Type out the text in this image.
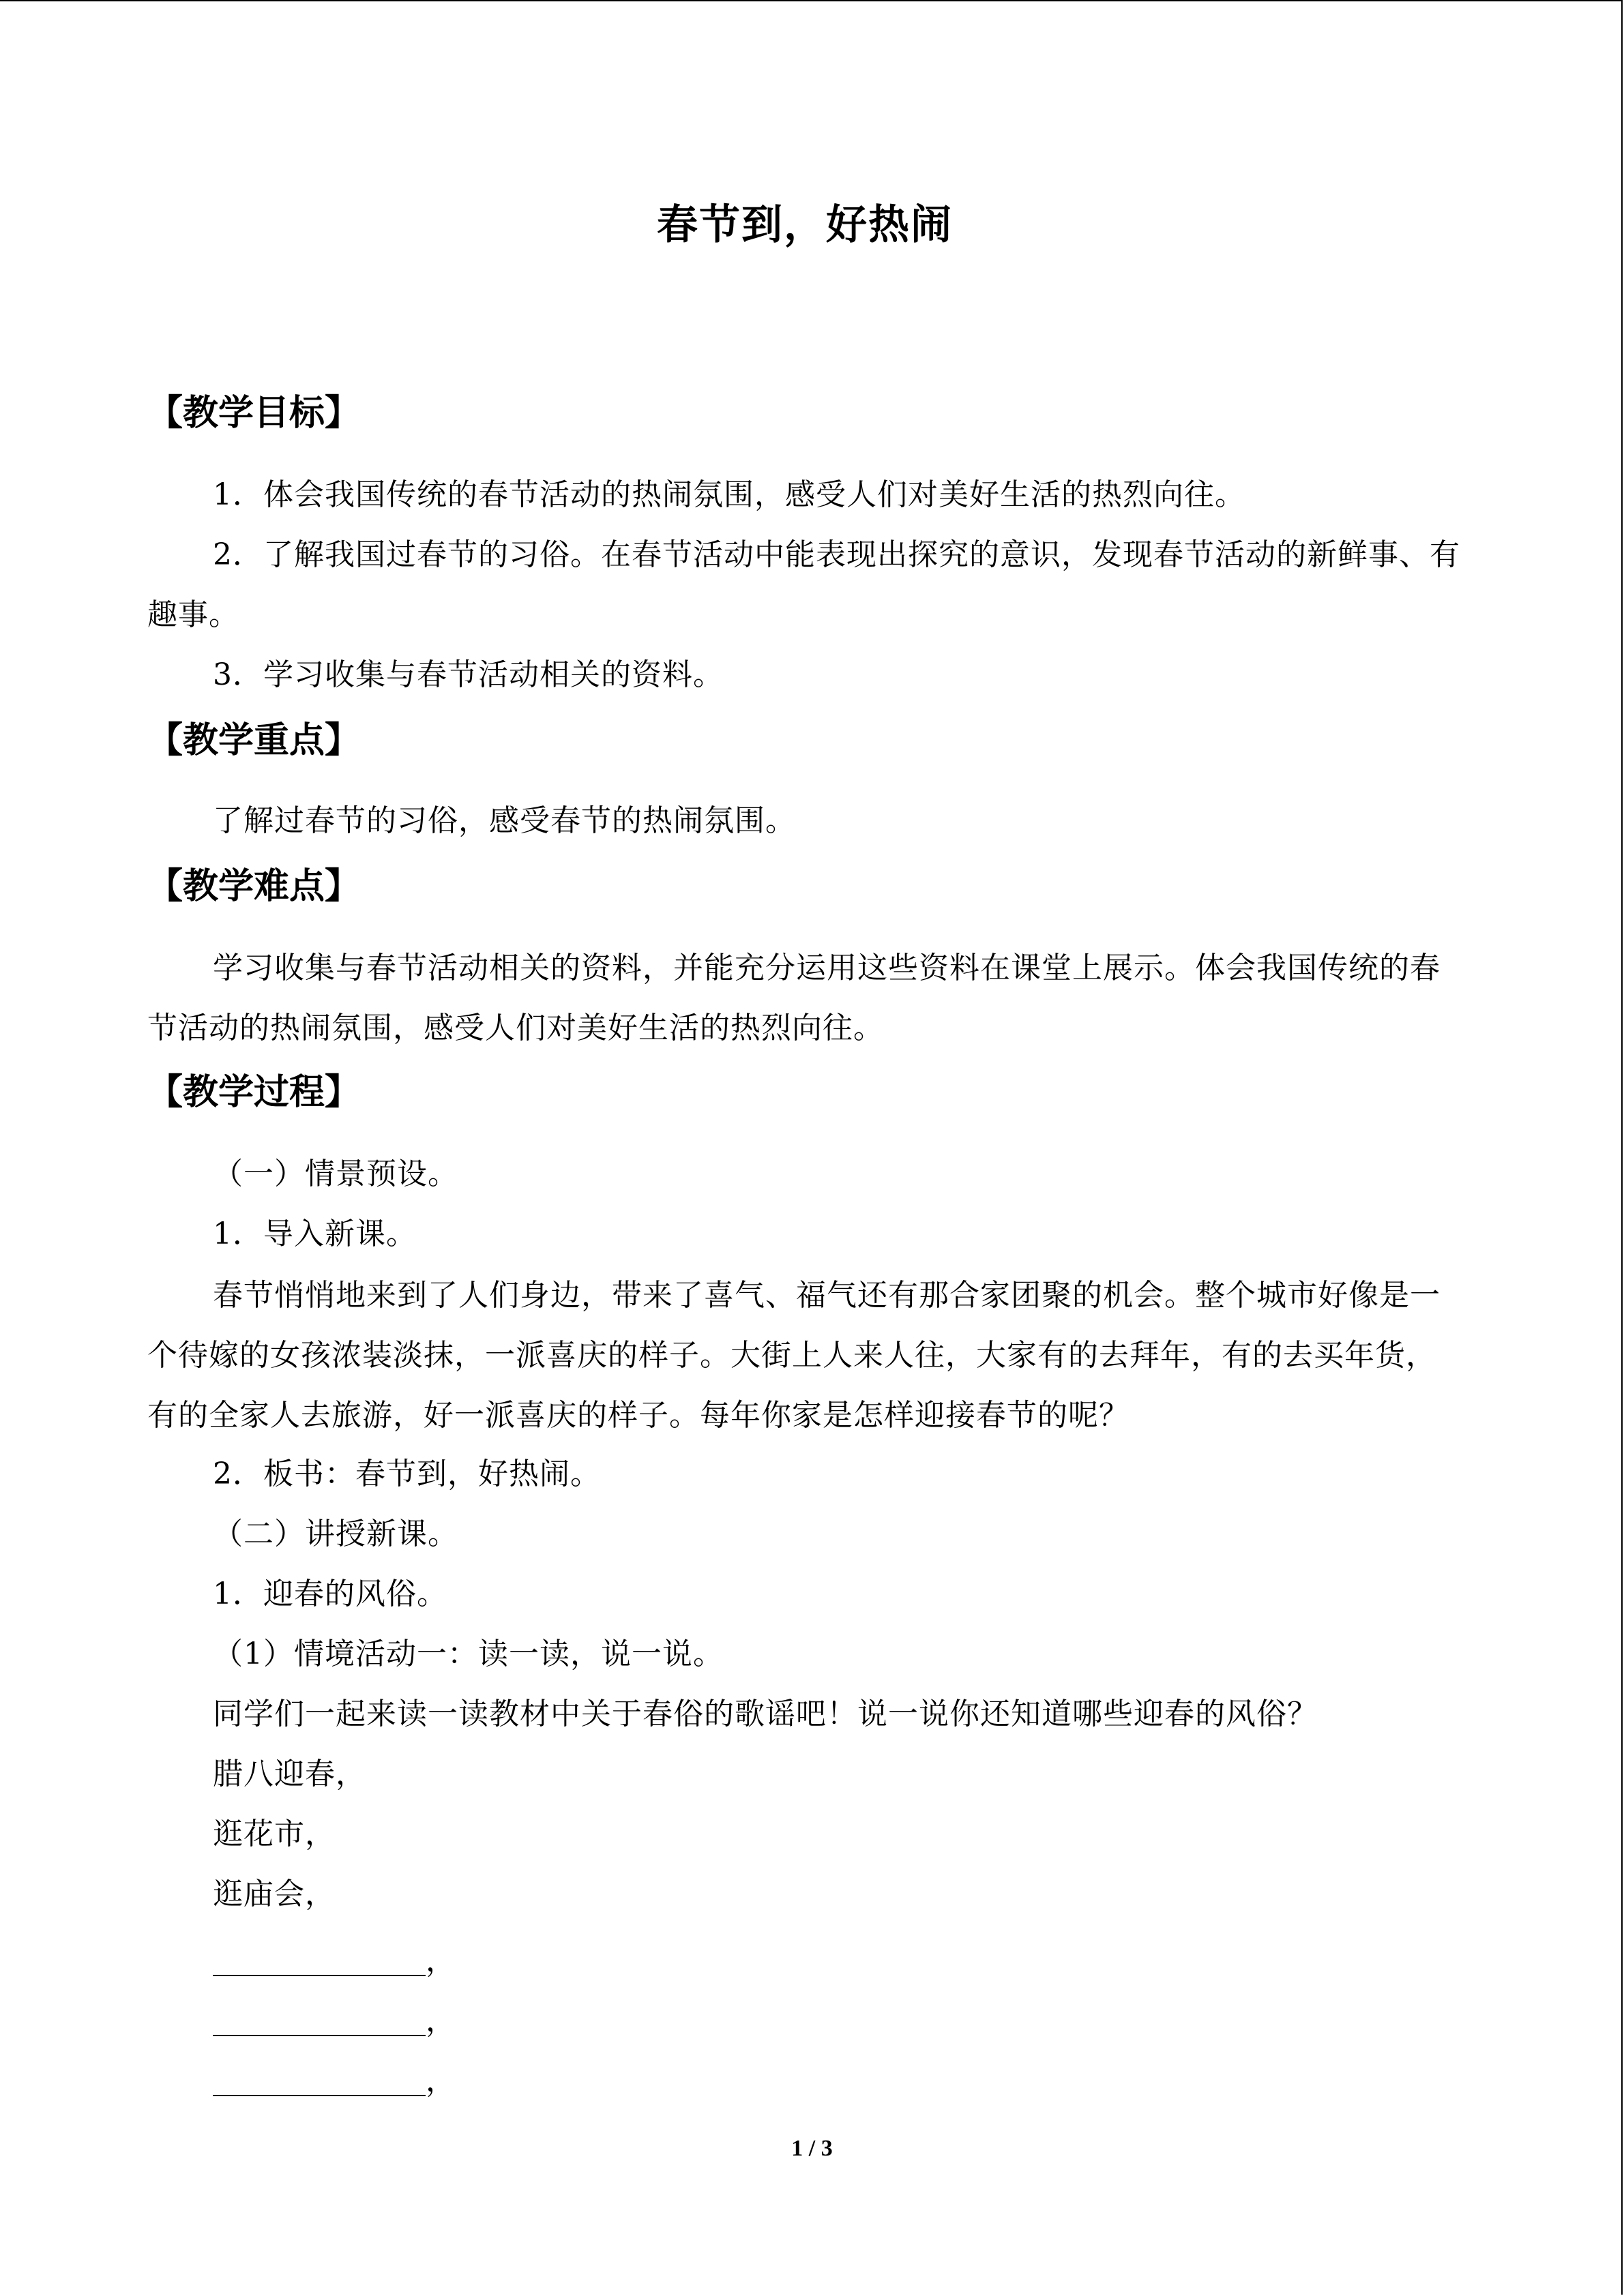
春节到，好热闹
【教学目标】

1．体会我国传统的春节活动的热闹氛围，感受人们对美好生活的热烈向往。

2．了解我国过春节的习俗。在春节活动中能表现出探究的意识，发现春节活动的新鲜事、有趣事。

3．学习收集与春节活动相关的资料。

【教学重点】

了解过春节的习俗，感受春节的热闹氛围。

【教学难点】

学习收集与春节活动相关的资料，并能充分运用这些资料在课堂上展示。体会我国传统的春节活动的热闹氛围，感受人们对美好生活的热烈向往。

【教学过程】
（一）情景预设。
1．导入新课。

春节悄悄地来到了人们身边，带来了喜气、福气还有那合家团聚的机会。整个城市好像是一个待嫁的女孩浓装淡抹，一派喜庆的样子。大街上人来人往，大家有的去拜年，有的去买年货，有的全家人去旅游，好一派喜庆的样子。每年你家是怎样迎接春节的呢？

2．板书：春节到，好热闹。
（二）讲授新课。
1．迎春的风俗。
（1）情境活动一：读一读，说一说。
同学们一起来读一读教材中关于春俗的歌谣吧！说一说你还知道哪些迎春的风俗？
腊八迎春，
逛花市，
逛庙会，
，
，
，
1 / 3
